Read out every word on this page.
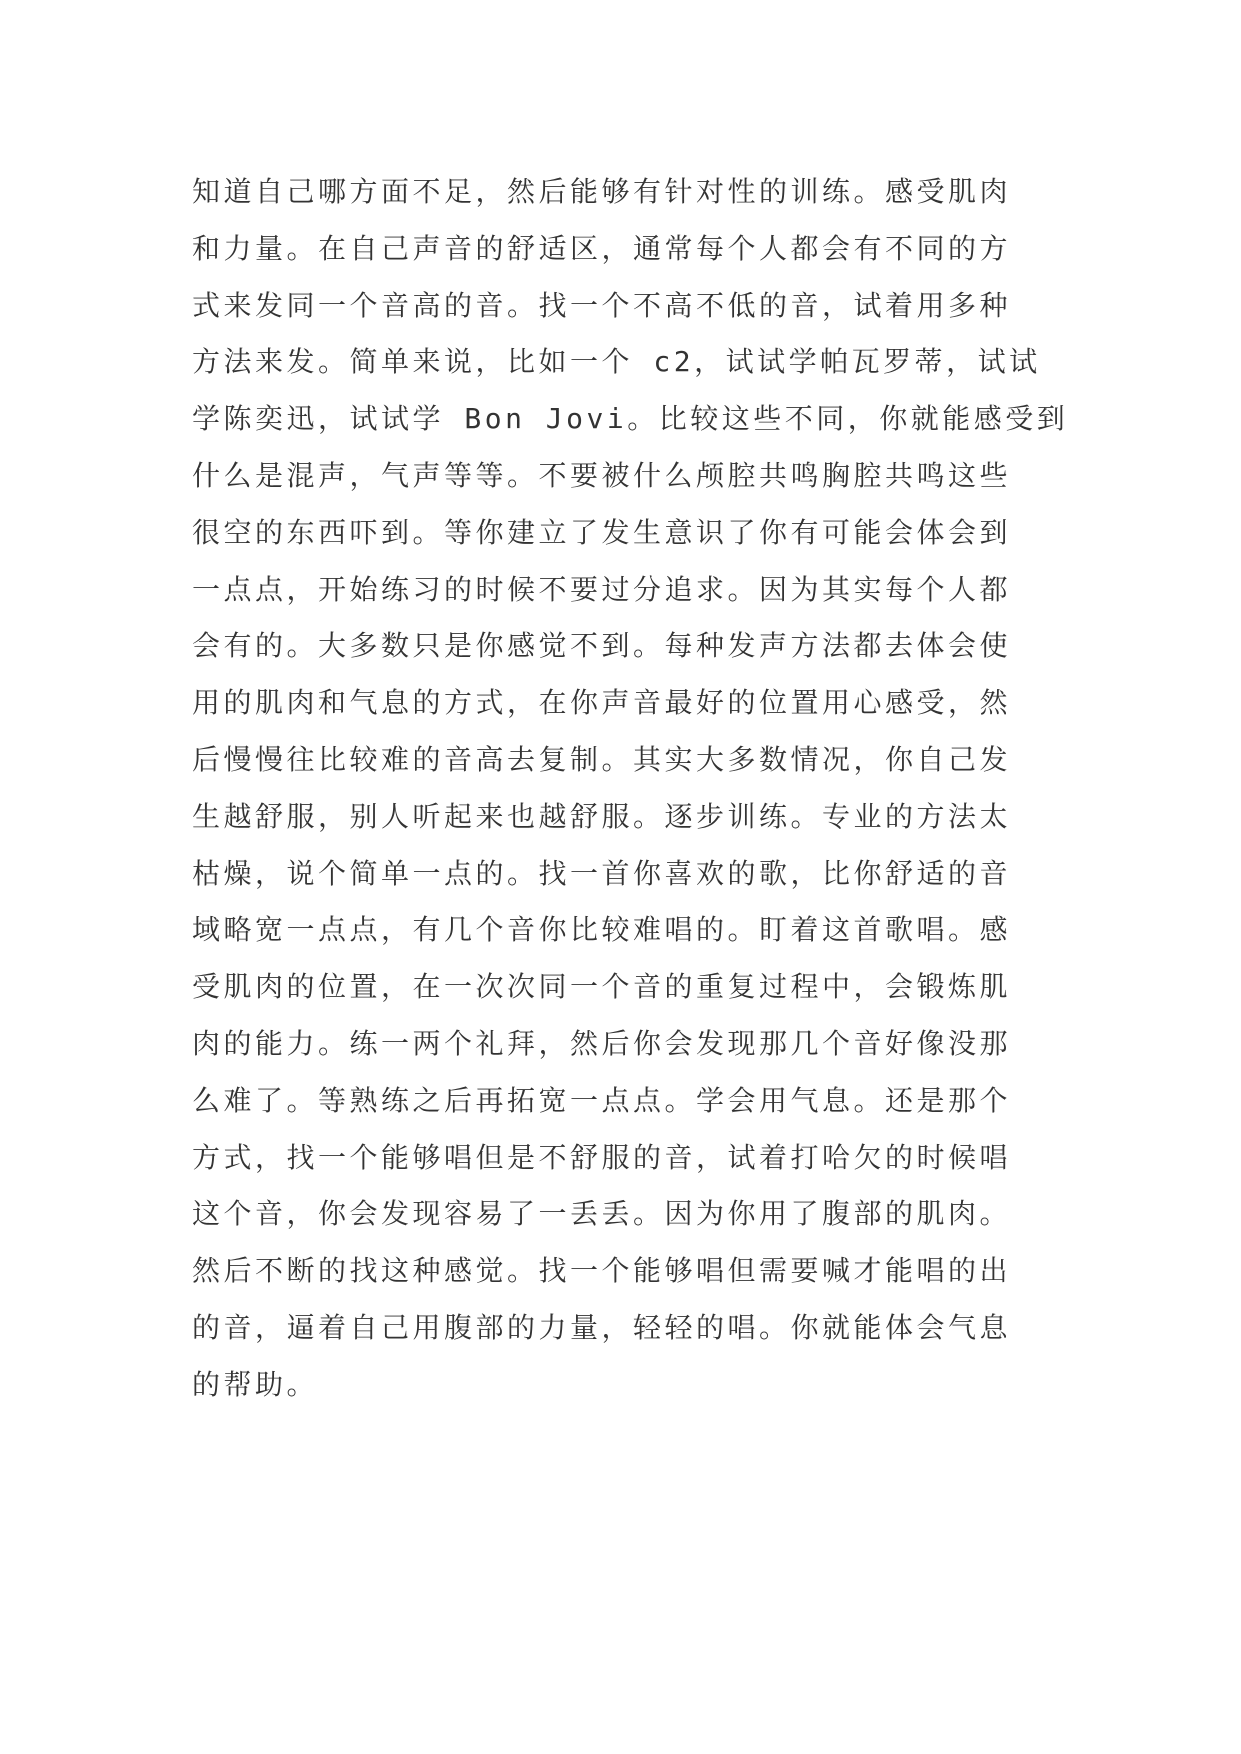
知道自己哪方面不足，然后能够有针对性的训练。感受肌肉
和力量。在自己声音的舒适区，通常每个人都会有不同的方
式来发同一个音高的音。找一个不高不低的音，试着用多种
方法来发。简单来说，比如一个 c2，试试学帕瓦罗蒂，试试
学陈奕迅，试试学 Bon Jovi。比较这些不同，你就能感受到
什么是混声，气声等等。不要被什么颅腔共鸣胸腔共鸣这些
很空的东西吓到。等你建立了发生意识了你有可能会体会到
一点点，开始练习的时候不要过分追求。因为其实每个人都
会有的。大多数只是你感觉不到。每种发声方法都去体会使
用的肌肉和气息的方式，在你声音最好的位置用心感受，然
后慢慢往比较难的音高去复制。其实大多数情况，你自己发
生越舒服，别人听起来也越舒服。逐步训练。专业的方法太
枯燥，说个简单一点的。找一首你喜欢的歌，比你舒适的音
域略宽一点点，有几个音你比较难唱的。盯着这首歌唱。感
受肌肉的位置，在一次次同一个音的重复过程中，会锻炼肌
肉的能力。练一两个礼拜，然后你会发现那几个音好像没那
么难了。等熟练之后再拓宽一点点。学会用气息。还是那个
方式，找一个能够唱但是不舒服的音，试着打哈欠的时候唱
这个音，你会发现容易了一丢丢。因为你用了腹部的肌肉。
然后不断的找这种感觉。找一个能够唱但需要喊才能唱的出
的音，逼着自己用腹部的力量，轻轻的唱。你就能体会气息
的帮助。
